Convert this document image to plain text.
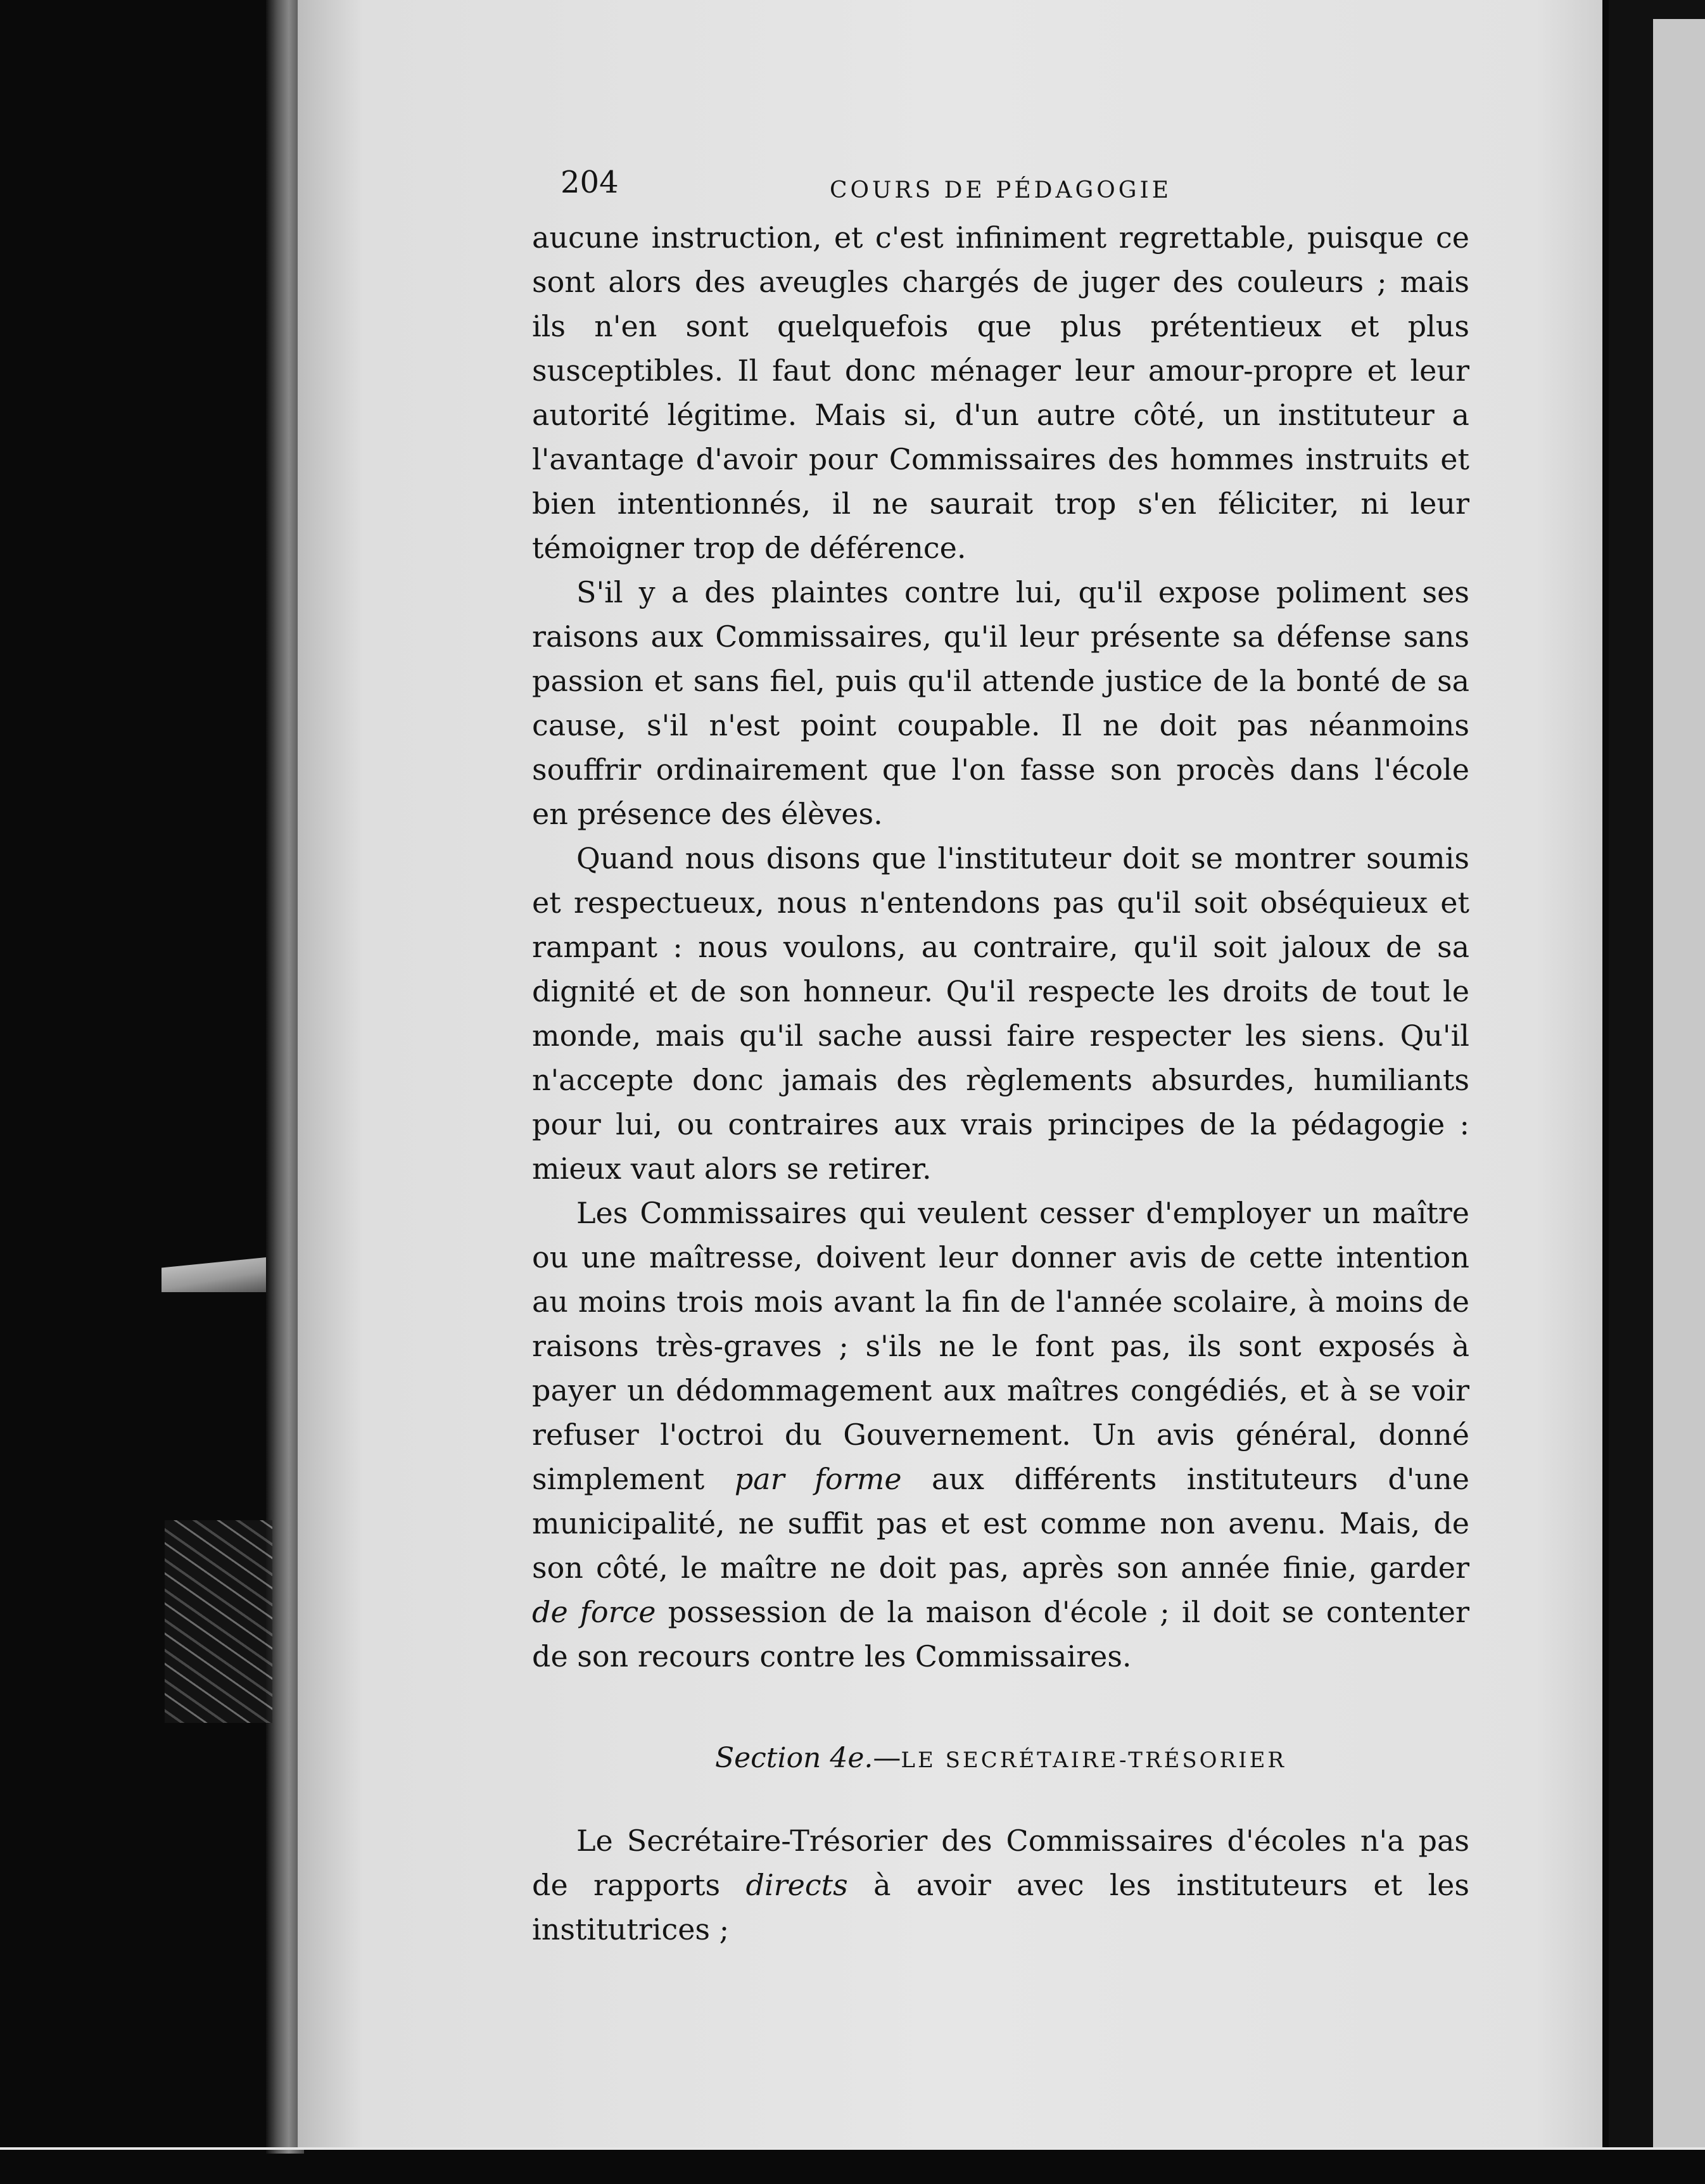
204	COURS DE PÉDAGOGIE

aucune instruction, et c'est infiniment regrettable, puisque ce sont alors des aveugles chargés de juger des couleurs ; mais ils n'en sont quelquefois que plus prétentieux et plus susceptibles. Il faut donc ménager leur amour-propre et leur autorité légitime. Mais si, d'un autre côté, un instituteur a l'avantage d'avoir pour Commissaires des hommes instruits et bien intentionnés, il ne saurait trop s'en féliciter, ni leur témoigner trop de déférence.

S'il y a des plaintes contre lui, qu'il expose poliment ses raisons aux Commissaires, qu'il leur présente sa défense sans passion et sans fiel, puis qu'il attende justice de la bonté de sa cause, s'il n'est point coupable. Il ne doit pas néanmoins souffrir ordinairement que l'on fasse son procès dans l'école en présence des élèves.

Quand nous disons que l'instituteur doit se montrer soumis et respectueux, nous n'entendons pas qu'il soit obséquieux et rampant : nous voulons, au contraire, qu'il soit jaloux de sa dignité et de son honneur. Qu'il respecte les droits de tout le monde, mais qu'il sache aussi faire respecter les siens. Qu'il n'accepte donc jamais des règlements absurdes, humiliants pour lui, ou contraires aux vrais principes de la pédagogie : mieux vaut alors se retirer.

Les Commissaires qui veulent cesser d'employer un maître ou une maîtresse, doivent leur donner avis de cette intention au moins trois mois avant la fin de l'année scolaire, à moins de raisons très-graves ; s'ils ne le font pas, ils sont exposés à payer un dédommagement aux maîtres congédiés, et à se voir refuser l'octroi du Gouvernement. Un avis général, donné simplement par forme aux différents instituteurs d'une municipalité, ne suffit pas et est comme non avenu. Mais, de son côté, le maître ne doit pas, après son année finie, garder de force possession de la maison d'école ; il doit se contenter de son recours contre les Commissaires.

Section 4e.—LE SECRÉTAIRE-TRÉSORIER

Le Secrétaire-Trésorier des Commissaires d'écoles n'a pas de rapports directs à avoir avec les instituteurs et les institutrices ;
